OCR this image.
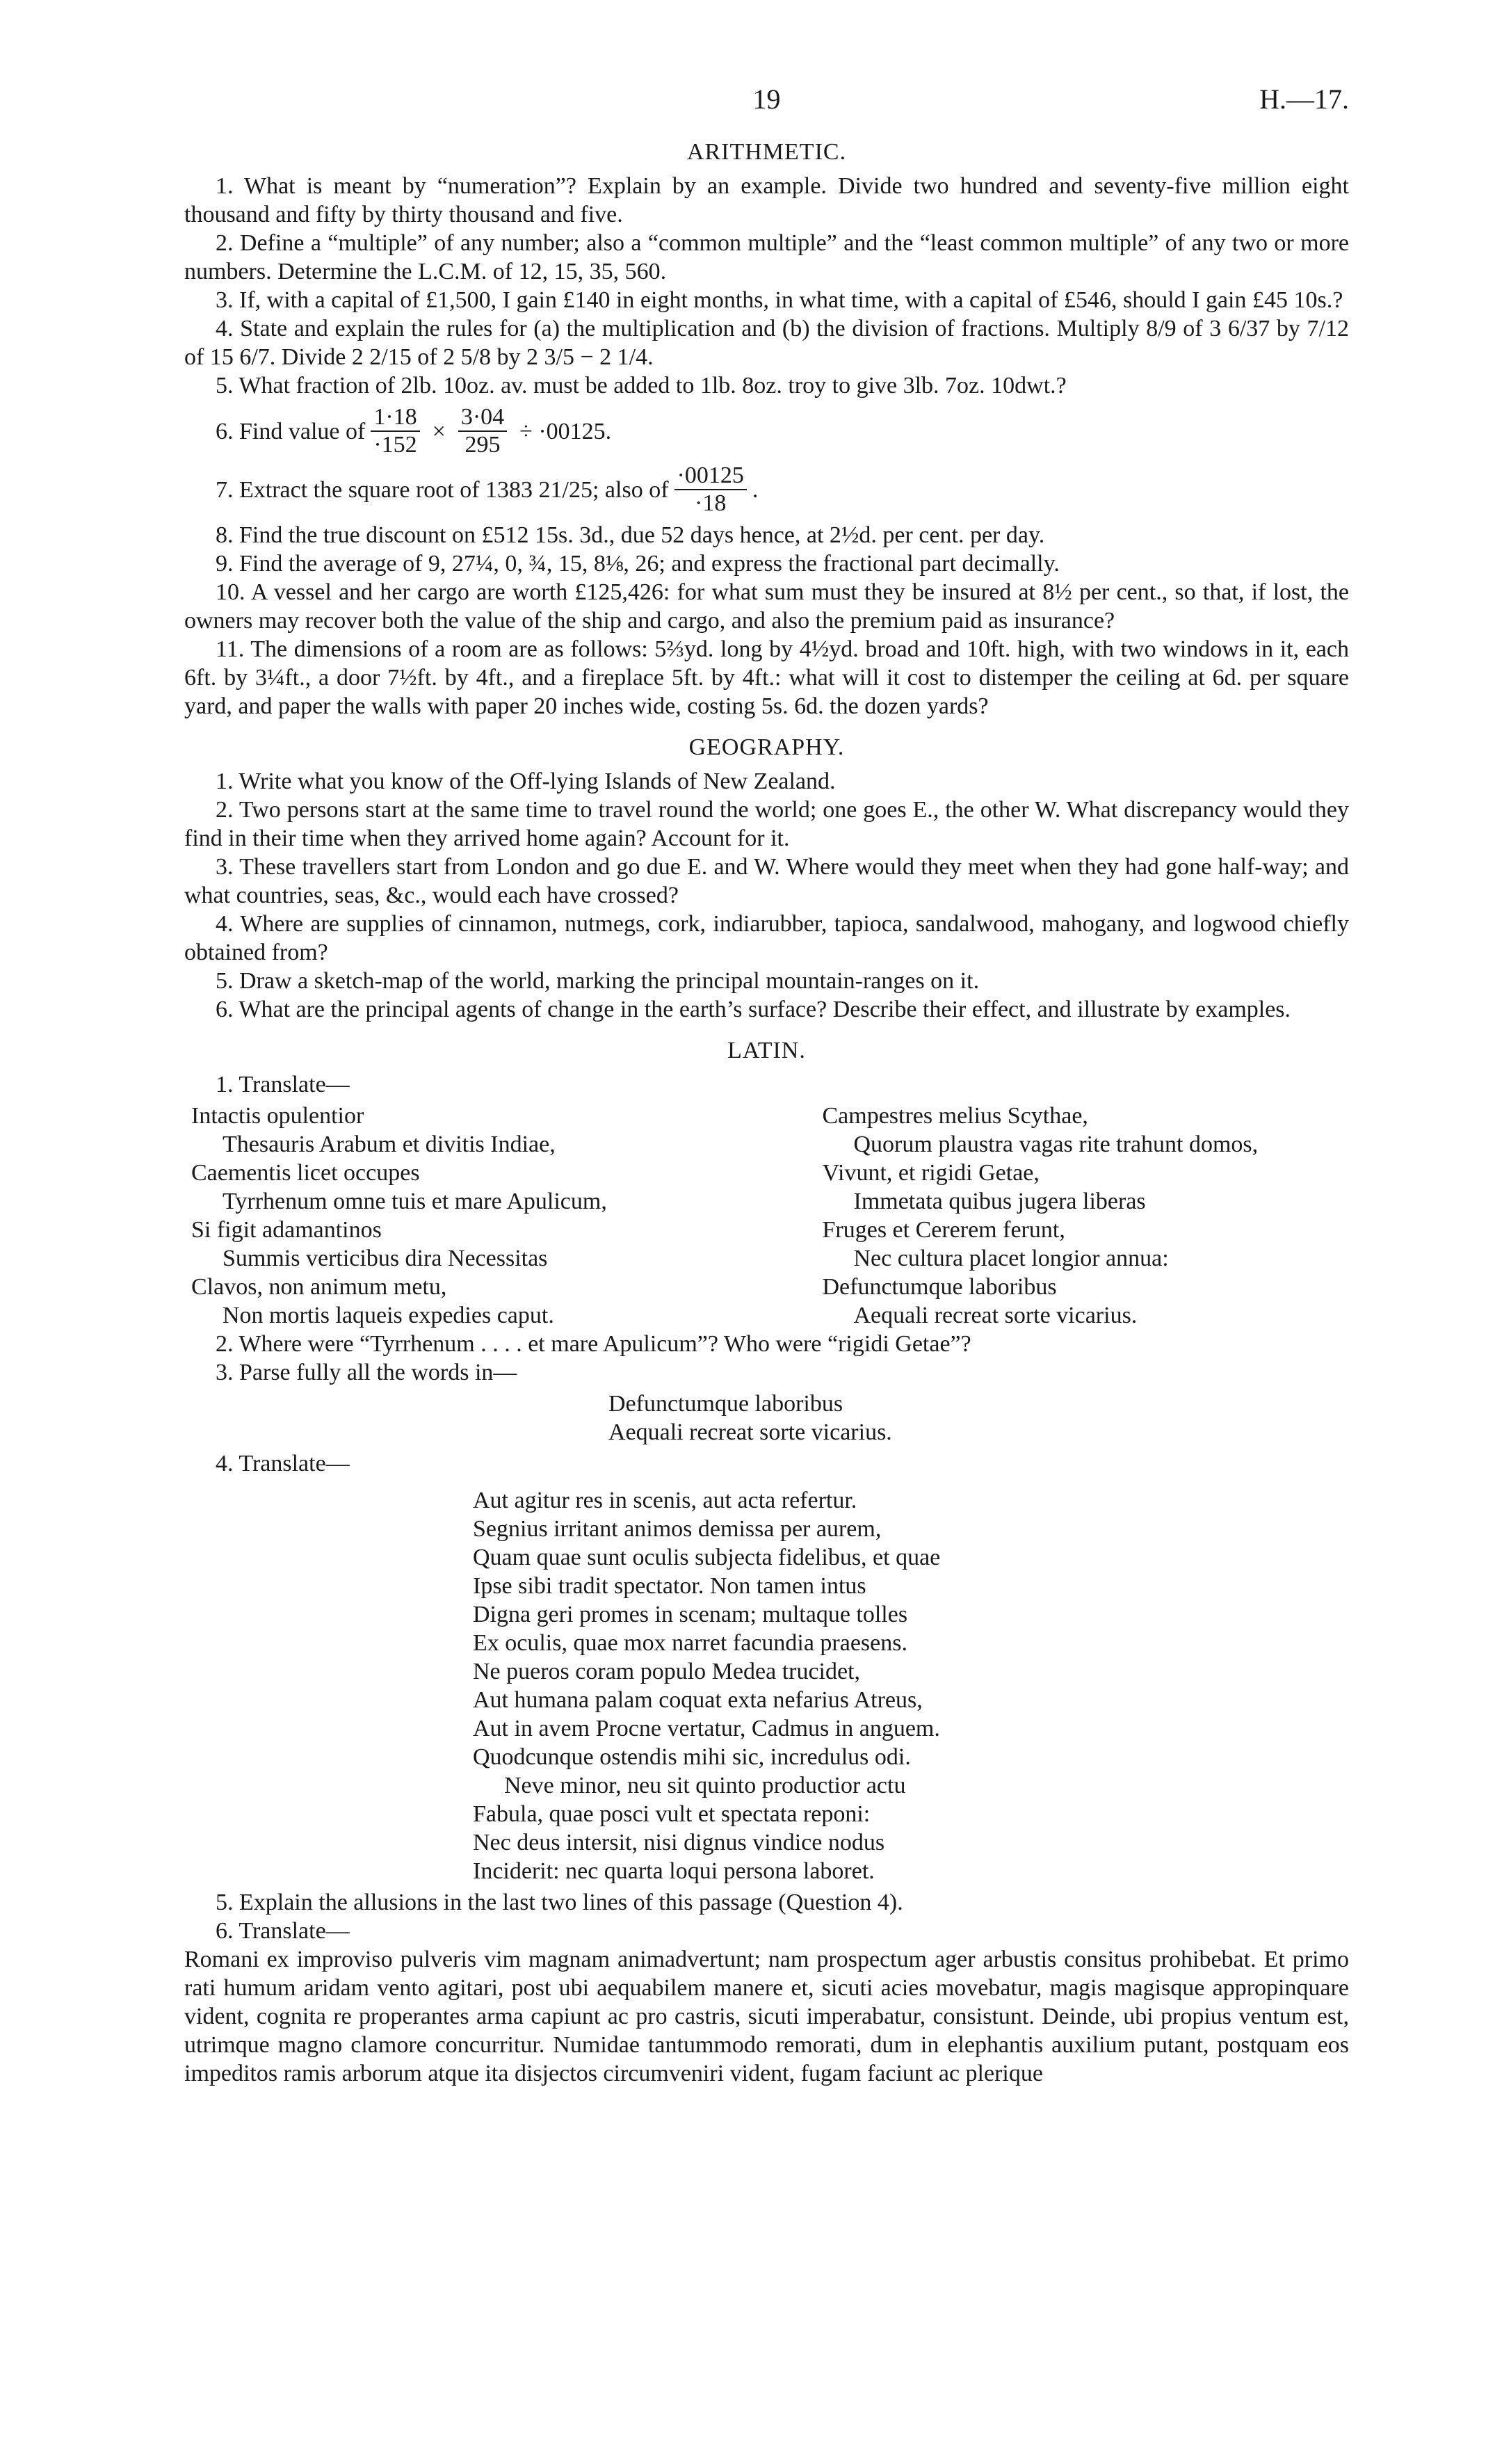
19	H.—17.
ARITHMETIC.

1. What is meant by “numeration”? Explain by an example. Divide two hundred and seventy-five million eight thousand and fifty by thirty thousand and five.

2. Define a “multiple” of any number; also a “common multiple” and the “least common multiple” of any two or more numbers. Determine the L.C.M. of 12, 15, 35, 560.

3. If, with a capital of £1,500, I gain £140 in eight months, in what time, with a capital of £546, should I gain £45 10s.?

4. State and explain the rules for (a) the multiplication and (b) the division of fractions. Multiply 8/9 of 3 6/37 by 7/12 of 15 6/7. Divide 2 2/15 of 2 5/8 by 2 3/5 − 2 1/4.

5. What fraction of 2lb. 10oz. av. must be added to 1lb. 8oz. troy to give 3lb. 7oz. 10dwt.?

6. Find value of $\frac{1\cdot 18}{\cdot 152} \times \frac{3\cdot 04}{295} \div \cdot 00125$.
7. Extract the square root of 1383 21/25; also of $\frac{\cdot 00125}{\cdot 18}$ .

8. Find the true discount on £512 15s. 3d., due 52 days hence, at 2½d. per cent. per day.

9. Find the average of 9, 27¼, 0, ¾, 15, 8⅛, 26; and express the fractional part decimally.

10. A vessel and her cargo are worth £125,426: for what sum must they be insured at 8½ per cent., so that, if lost, the owners may recover both the value of the ship and cargo, and also the premium paid as insurance?

11. The dimensions of a room are as follows: 5⅔yd. long by 4½yd. broad and 10ft. high, with two windows in it, each 6ft. by 3¼ft., a door 7½ft. by 4ft., and a fireplace 5ft. by 4ft.: what will it cost to distemper the ceiling at 6d. per square yard, and paper the walls with paper 20 inches wide, costing 5s. 6d. the dozen yards?

GEOGRAPHY.

1. Write what you know of the Off-lying Islands of New Zealand.

2. Two persons start at the same time to travel round the world; one goes E., the other W. What discrepancy would they find in their time when they arrived home again? Account for it.

3. These travellers start from London and go due E. and W. Where would they meet when they had gone half-way; and what countries, seas, &c., would each have crossed?

4. Where are supplies of cinnamon, nutmegs, cork, indiarubber, tapioca, sandalwood, mahogany, and logwood chiefly obtained from?

5. Draw a sketch-map of the world, marking the principal mountain-ranges on it.

6. What are the principal agents of change in the earth’s surface? Describe their effect, and illustrate by examples.

LATIN.

1. Translate—

Intactis opulentior
Thesauris Arabum et divitis Indiae,
Caementis licet occupes
Tyrrhenum omne tuis et mare Apulicum,
Si figit adamantinos
Summis verticibus dira Necessitas
Clavos, non animum metu,
Non mortis laqueis expedies caput.
Campestres melius Scythae,
Quorum plaustra vagas rite trahunt domos,
Vivunt, et rigidi Getae,
Immetata quibus jugera liberas
Fruges et Cererem ferunt,
Nec cultura placet longior annua:
Defunctumque laboribus
Aequali recreat sorte vicarius.

2. Where were “Tyrrhenum . . . . et mare Apulicum”? Who were “rigidi Getae”?

3. Parse fully all the words in—

Defunctumque laboribus
Aequali recreat sorte vicarius.

4. Translate—

Aut agitur res in scenis, aut acta refertur.
Segnius irritant animos demissa per aurem,
Quam quae sunt oculis subjecta fidelibus, et quae
Ipse sibi tradit spectator. Non tamen intus
Digna geri promes in scenam; multaque tolles
Ex oculis, quae mox narret facundia praesens.
Ne pueros coram populo Medea trucidet,
Aut humana palam coquat exta nefarius Atreus,
Aut in avem Procne vertatur, Cadmus in anguem.
Quodcunque ostendis mihi sic, incredulus odi.
Neve minor, neu sit quinto productior actu
Fabula, quae posci vult et spectata reponi:
Nec deus intersit, nisi dignus vindice nodus
Inciderit: nec quarta loqui persona laboret.

5. Explain the allusions in the last two lines of this passage (Question 4).

6. Translate—

Romani ex improviso pulveris vim magnam animadvertunt; nam prospectum ager arbustis consitus prohibebat. Et primo rati humum aridam vento agitari, post ubi aequabilem manere et, sicuti acies movebatur, magis magisque appropinquare vident, cognita re properantes arma capiunt ac pro castris, sicuti imperabatur, consistunt. Deinde, ubi propius ventum est, utrimque magno clamore concurritur. Numidae tantummodo remorati, dum in elephantis auxilium putant, postquam eos impeditos ramis arborum atque ita disjectos circumveniri vident, fugam faciunt ac plerique
